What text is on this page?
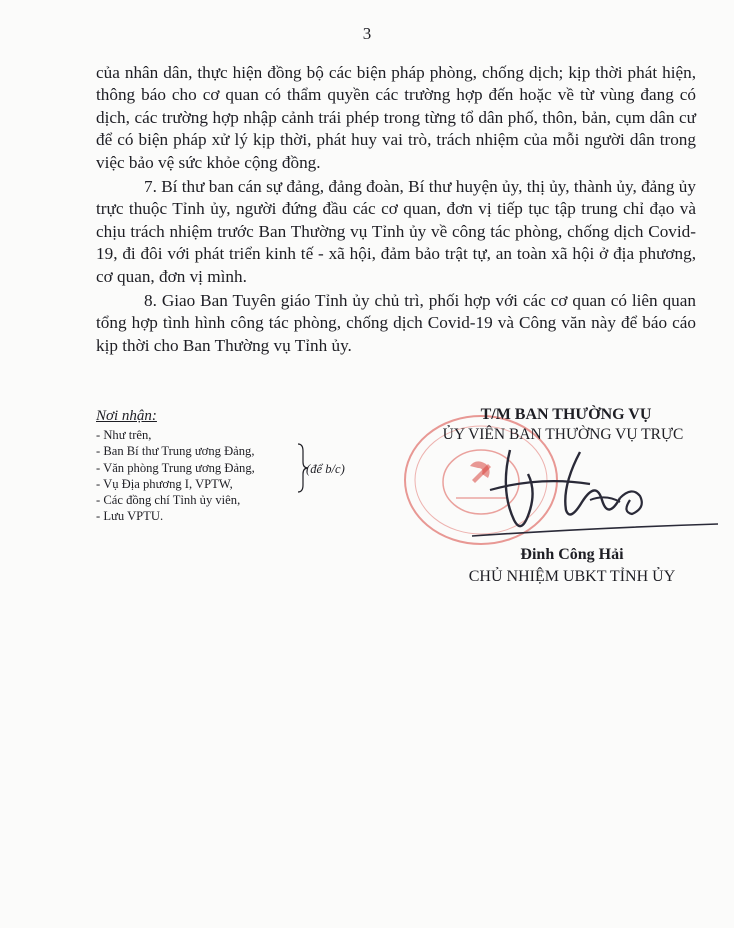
3

của nhân dân, thực hiện đồng bộ các biện pháp phòng, chống dịch; kịp thời phát hiện, thông báo cho cơ quan có thẩm quyền các trường hợp đến hoặc về từ vùng đang có dịch, các trường hợp nhập cảnh trái phép trong từng tổ dân phố, thôn, bản, cụm dân cư để có biện pháp xử lý kịp thời, phát huy vai trò, trách nhiệm của mỗi người dân trong việc bảo vệ sức khỏe cộng đồng.

7. Bí thư ban cán sự đảng, đảng đoàn, Bí thư huyện ủy, thị ủy, thành ủy, đảng ủy trực thuộc Tỉnh ủy, người đứng đầu các cơ quan, đơn vị tiếp tục tập trung chỉ đạo và chịu trách nhiệm trước Ban Thường vụ Tỉnh ủy về công tác phòng, chống dịch Covid-19, đi đôi với phát triển kinh tế - xã hội, đảm bảo trật tự, an toàn xã hội ở địa phương, cơ quan, đơn vị mình.

8. Giao Ban Tuyên giáo Tỉnh ủy chủ trì, phối hợp với các cơ quan có liên quan tổng hợp tình hình công tác phòng, chống dịch Covid-19 và Công văn này để báo cáo kịp thời cho Ban Thường vụ Tỉnh ủy.

Nơi nhận:
- Như trên,
- Ban Bí thư Trung ương Đảng,
- Văn phòng Trung ương Đảng,
- Vụ Địa phương I, VPTW,
(để b/c)
- Các đồng chí Tỉnh ủy viên,
- Lưu VPTU.
T/M BAN THƯỜNG VỤ
ỦY VIÊN BAN THƯỜNG VỤ TRỰC
Đinh Công Hải
CHỦ NHIỆM UBKT TỈNH ỦY
